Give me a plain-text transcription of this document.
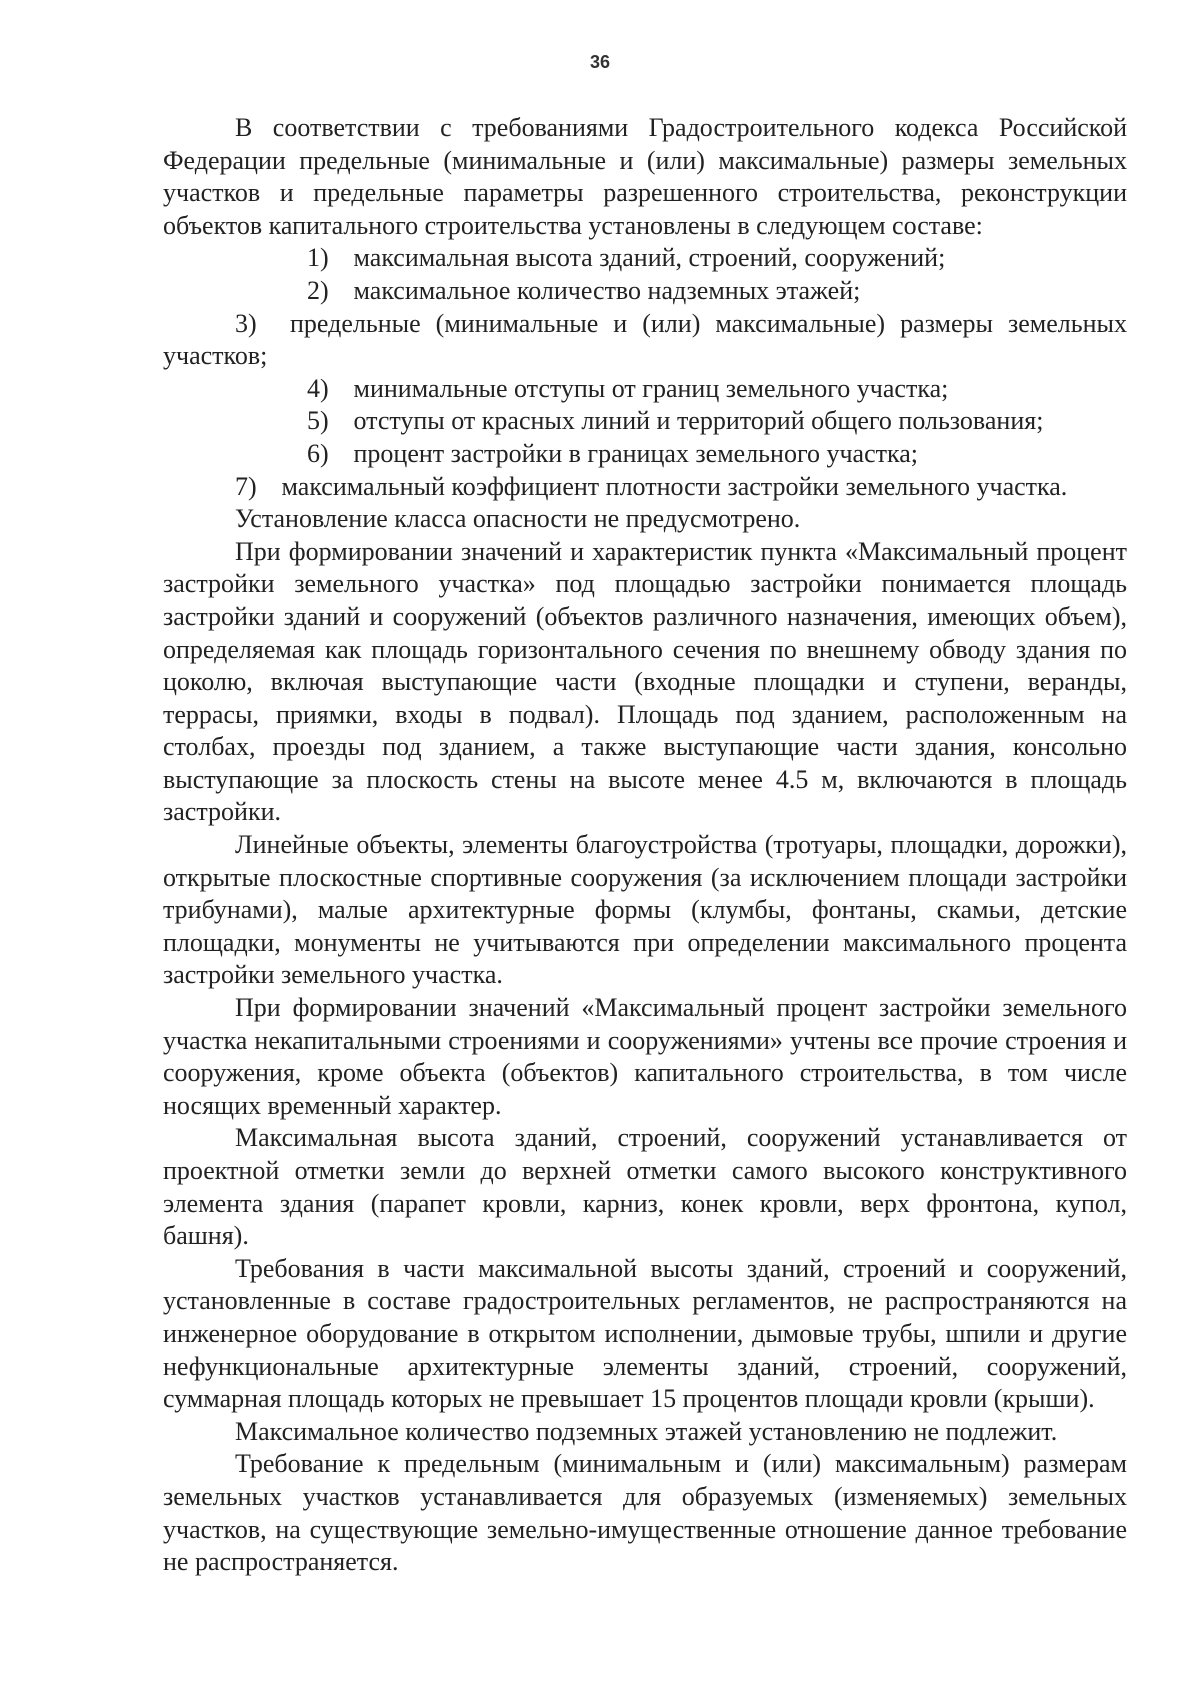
36

В соответствии с требованиями Градостроительного кодекса Российской Федерации предельные (минимальные и (или) максимальные) размеры земельных участков и предельные параметры разрешенного строительства, реконструкции объектов капитального строительства установлены в следующем составе:

1) максимальная высота зданий, строений, сооружений;

2) максимальное количество надземных этажей;

3) предельные (минимальные и (или) максимальные) размеры земельных участков;

4) минимальные отступы от границ земельного участка;

5) отступы от красных линий и территорий общего пользования;

6) процент застройки в границах земельного участка;

7) максимальный коэффициент плотности застройки земельного участка.

Установление класса опасности не предусмотрено.

При формировании значений и характеристик пункта «Максимальный процент застройки земельного участка» под площадью застройки понимается площадь застройки зданий и сооружений (объектов различного назначения, имеющих объем), определяемая как площадь горизонтального сечения по внешнему обводу здания по цоколю, включая выступающие части (входные площадки и ступени, веранды, террасы, приямки, входы в подвал). Площадь под зданием, расположенным на столбах, проезды под зданием, а также выступающие части здания, консольно выступающие за плоскость стены на высоте менее 4.5 м, включаются в площадь застройки.

Линейные объекты, элементы благоустройства (тротуары, площадки, дорожки), открытые плоскостные спортивные сооружения (за исключением площади застройки трибунами), малые архитектурные формы (клумбы, фонтаны, скамьи, детские площадки, монументы не учитываются при определении максимального процента застройки земельного участка.

При формировании значений «Максимальный процент застройки земельного участка некапитальными строениями и сооружениями» учтены все прочие строения и сооружения, кроме объекта (объектов) капитального строительства, в том числе носящих временный характер.

Максимальная высота зданий, строений, сооружений устанавливается от проектной отметки земли до верхней отметки самого высокого конструктивного элемента здания (парапет кровли, карниз, конек кровли, верх фронтона, купол, башня).

Требования в части максимальной высоты зданий, строений и сооружений, установленные в составе градостроительных регламентов, не распространяются на инженерное оборудование в открытом исполнении, дымовые трубы, шпили и другие нефункциональные архитектурные элементы зданий, строений, сооружений, суммарная площадь которых не превышает 15 процентов площади кровли (крыши).

Максимальное количество подземных этажей установлению не подлежит.

Требование к предельным (минимальным и (или) максимальным) размерам земельных участков устанавливается для образуемых (изменяемых) земельных участков, на существующие земельно-имущественные отношение данное требование не распространяется.
